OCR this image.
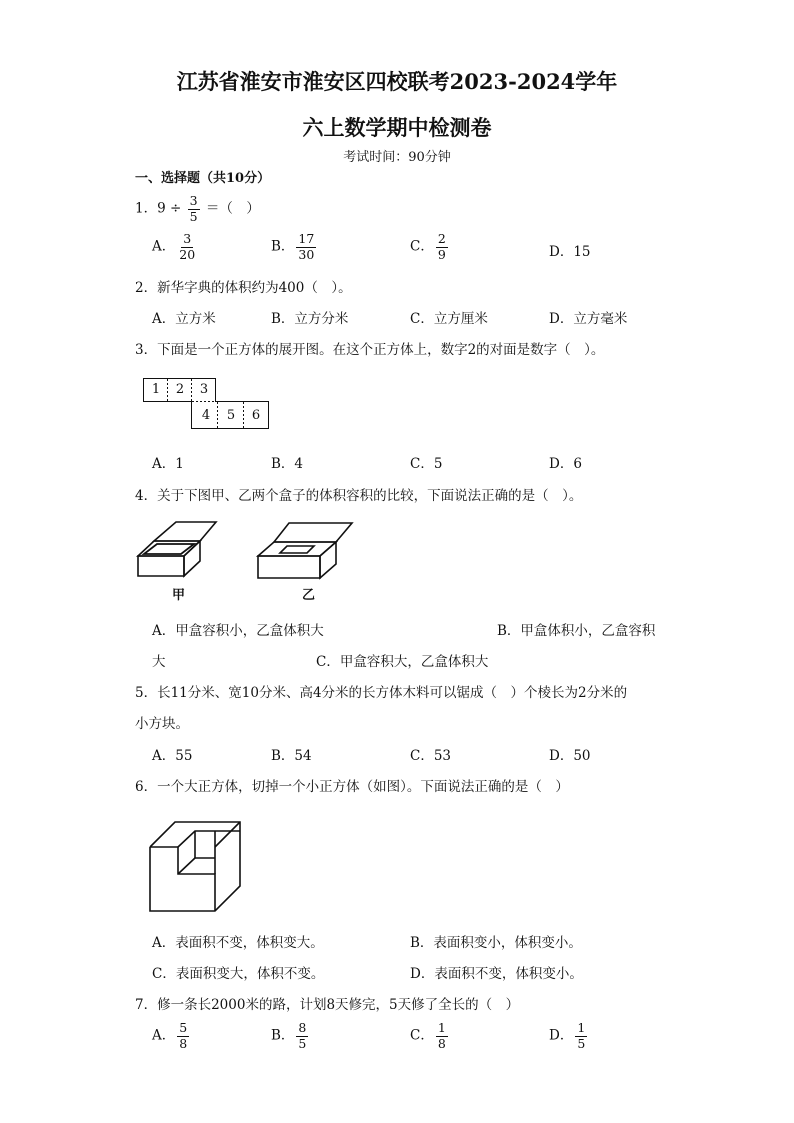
江苏省淮安市淮安区四校联考2023-2024学年
六上数学期中检测卷
考试时间：90分钟
一、选择题（共10分）
1．$9 \div \frac{3}{5}$ ＝（　）
A． $\frac{3}{20}$	B． $\frac{17}{30}$	C． $\frac{2}{9}$	D．15
2．新华字典的体积约为400（　）。
A．立方米	B．立方分米	C．立方厘米	D．立方毫米
3．下面是一个正方体的展开图。在这个正方体上，数字2的对面是数字（　）。
1	2	3
4	5	6
A．1	B．4	C．5	D．6
4．关于下图甲、乙两个盒子的体积容积的比较，下面说法正确的是（　）。
甲	乙
A．甲盒容积小，乙盒体积大	B．甲盒体积小，乙盒容积
大	C．甲盒容积大，乙盒体积大
5．长11分米、宽10分米、高4分米的长方体木料可以锯成（　）个棱长为2分米的
小方块。
A．55	B．54	C．53	D．50
6．一个大正方体，切掉一个小正方体（如图）。下面说法正确的是（　）
A．表面积不变，体积变大。	B．表面积变小，体积变小。
C．表面积变大，体积不变。	D．表面积不变，体积变小。
7．修一条长2000米的路，计划8天修完，5天修了全长的（　）
A． $\frac{5}{8}$	B． $\frac{8}{5}$	C． $\frac{1}{8}$	D． $\frac{1}{5}$
